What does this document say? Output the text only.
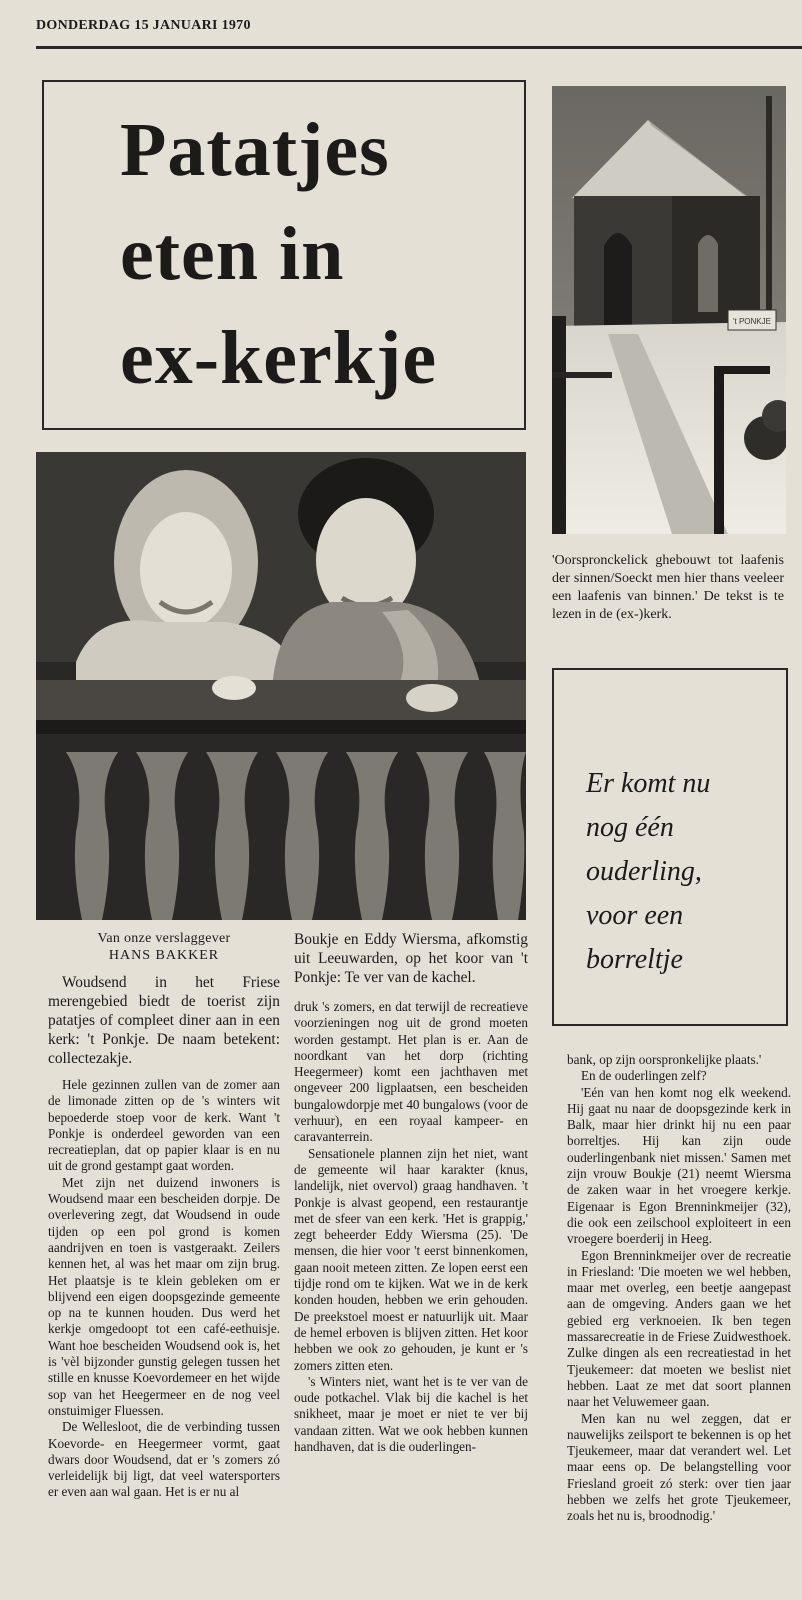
DONDERDAG 15 JANUARI 1970
Patatjes
eten in
ex-kerkje	't PONKJE
'Oorspronckelick ghebouwt tot laafenis der sinnen/Soeckt men hier thans veeleer een laafenis van binnen.' De tekst is te lezen in de (ex-)kerk.
Er komt nu
nog één
ouderling,
voor een
borreltje
Van onze verslaggever
HANS BAKKER

Woudsend in het Friese merengebied biedt de toerist zijn patatjes of compleet diner aan in een kerk: 't Ponkje. De naam betekent: collectezakje.

Hele gezinnen zullen van de zomer aan de limonade zitten op de 's winters wit bepoederde stoep voor de kerk. Want 't Ponkje is onderdeel geworden van een recreatieplan, dat op papier klaar is en nu uit de grond gestampt gaat worden.

Met zijn net duizend inwoners is Woudsend maar een bescheiden dorpje. De overlevering zegt, dat Woudsend in oude tijden op een pol grond is komen aandrijven en toen is vastgeraakt. Zeilers kennen het, al was het maar om zijn brug. Het plaatsje is te klein gebleken om er blijvend een eigen doopsgezinde gemeente op na te kunnen houden. Dus werd het kerkje omgedoopt tot een café-eethuisje. Want hoe bescheiden Woudsend ook is, het is 'vèl bijzonder gunstig gelegen tussen het stille en knusse Koevordemeer en het wijde sop van het Heegermeer en de nog veel onstuimiger Fluessen.

De Wellesloot, die de verbinding tussen Koevorde- en Heegermeer vormt, gaat dwars door Woudsend, dat er 's zomers zó verleidelijk bij ligt, dat veel watersporters er even aan wal gaan. Het is er nu al

Boukje en Eddy Wiersma, afkomstig uit Leeuwarden, op het koor van 't Ponkje: Te ver van de kachel.

druk 's zomers, en dat terwijl de recreatieve voorzieningen nog uit de grond moeten worden gestampt. Het plan is er. Aan de noordkant van het dorp (richting Heegermeer) komt een jachthaven met ongeveer 200 ligplaatsen, een bescheiden bungalowdorpje met 40 bungalows (voor de verhuur), en een royaal kampeer- en caravanterrein.

Sensationele plannen zijn het niet, want de gemeente wil haar karakter (knus, landelijk, niet overvol) graag handhaven. 't Ponkje is alvast geopend, een restaurantje met de sfeer van een kerk. 'Het is grappig,' zegt beheerder Eddy Wiersma (25). 'De mensen, die hier voor 't eerst binnenkomen, gaan nooit meteen zitten. Ze lopen eerst een tijdje rond om te kijken. Wat we in de kerk konden houden, hebben we erin gehouden. De preekstoel moest er natuurlijk uit. Maar de hemel erboven is blijven zitten. Het koor hebben we ook zo gehouden, je kunt er 's zomers zitten eten.

's Winters niet, want het is te ver van de oude potkachel. Vlak bij die kachel is het snikheet, maar je moet er niet te ver bij vandaan zitten. Wat we ook hebben kunnen handhaven, dat is die ouderlingen-

bank, op zijn oorspronkelijke plaats.'

En de ouderlingen zelf?

'Eén van hen komt nog elk weekend. Hij gaat nu naar de doopsgezinde kerk in Balk, maar hier drinkt hij nu een paar borreltjes. Hij kan zijn oude ouderlingenbank niet missen.' Samen met zijn vrouw Boukje (21) neemt Wiersma de zaken waar in het vroegere kerkje. Eigenaar is Egon Brenninkmeijer (32), die ook een zeilschool exploiteert in een vroegere boerderij in Heeg.

Egon Brenninkmeijer over de recreatie in Friesland: 'Die moeten we wel hebben, maar met overleg, een beetje aangepast aan de omgeving. Anders gaan we het gebied erg verknoeien. Ik ben tegen massarecreatie in de Friese Zuidwesthoek. Zulke dingen als een recreatiestad in het Tjeukemeer: dat moeten we beslist niet hebben. Laat ze met dat soort plannen naar het Veluwemeer gaan.

Men kan nu wel zeggen, dat er nauwelijks zeilsport te bekennen is op het Tjeukemeer, maar dat verandert wel. Let maar eens op. De belangstelling voor Friesland groeit zó sterk: over tien jaar hebben we zelfs het grote Tjeukemeer, zoals het nu is, broodnodig.'
